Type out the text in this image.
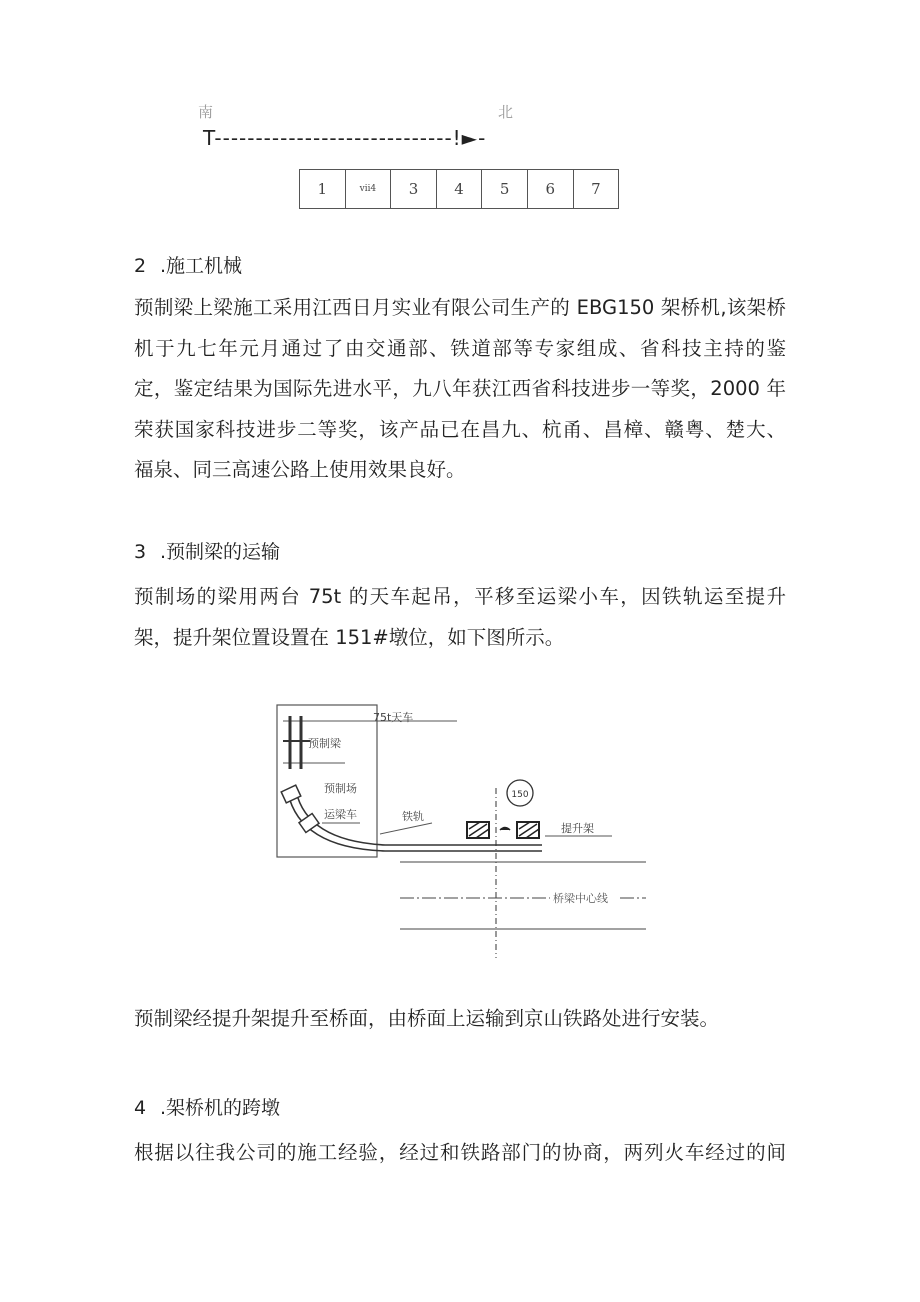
南	北
T-----------------------------!►-
1	ⅶ4	3	4	5	6	7
2 .施工机械
预制梁上梁施工采用江西日月实业有限公司生产的 EBG150 架桥机,该架桥
机于九七年元月通过了由交通部、铁道部等专家组成、省科技主持的鉴
定，鉴定结果为国际先进水平，九八年获江西省科技进步一等奖，2000 年
荣获国家科技进步二等奖，该产品已在昌九、杭甬、昌樟、赣粤、楚大、
福泉、同三高速公路上使用效果良好。
3 .预制梁的运输
预制场的梁用两台 75t 的天车起吊，平移至运梁小车，因铁轨运至提升
架，提升架位置设置在 151#墩位，如下图所示。
75t天车
预制梁
预制场
运梁车	铁轨
提升架
150
桥梁中心线
预制梁经提升架提升至桥面，由桥面上运输到京山铁路处进行安装。
4 .架桥机的跨墩
根据以往我公司的施工经验，经过和铁路部门的协商，两列火车经过的间
